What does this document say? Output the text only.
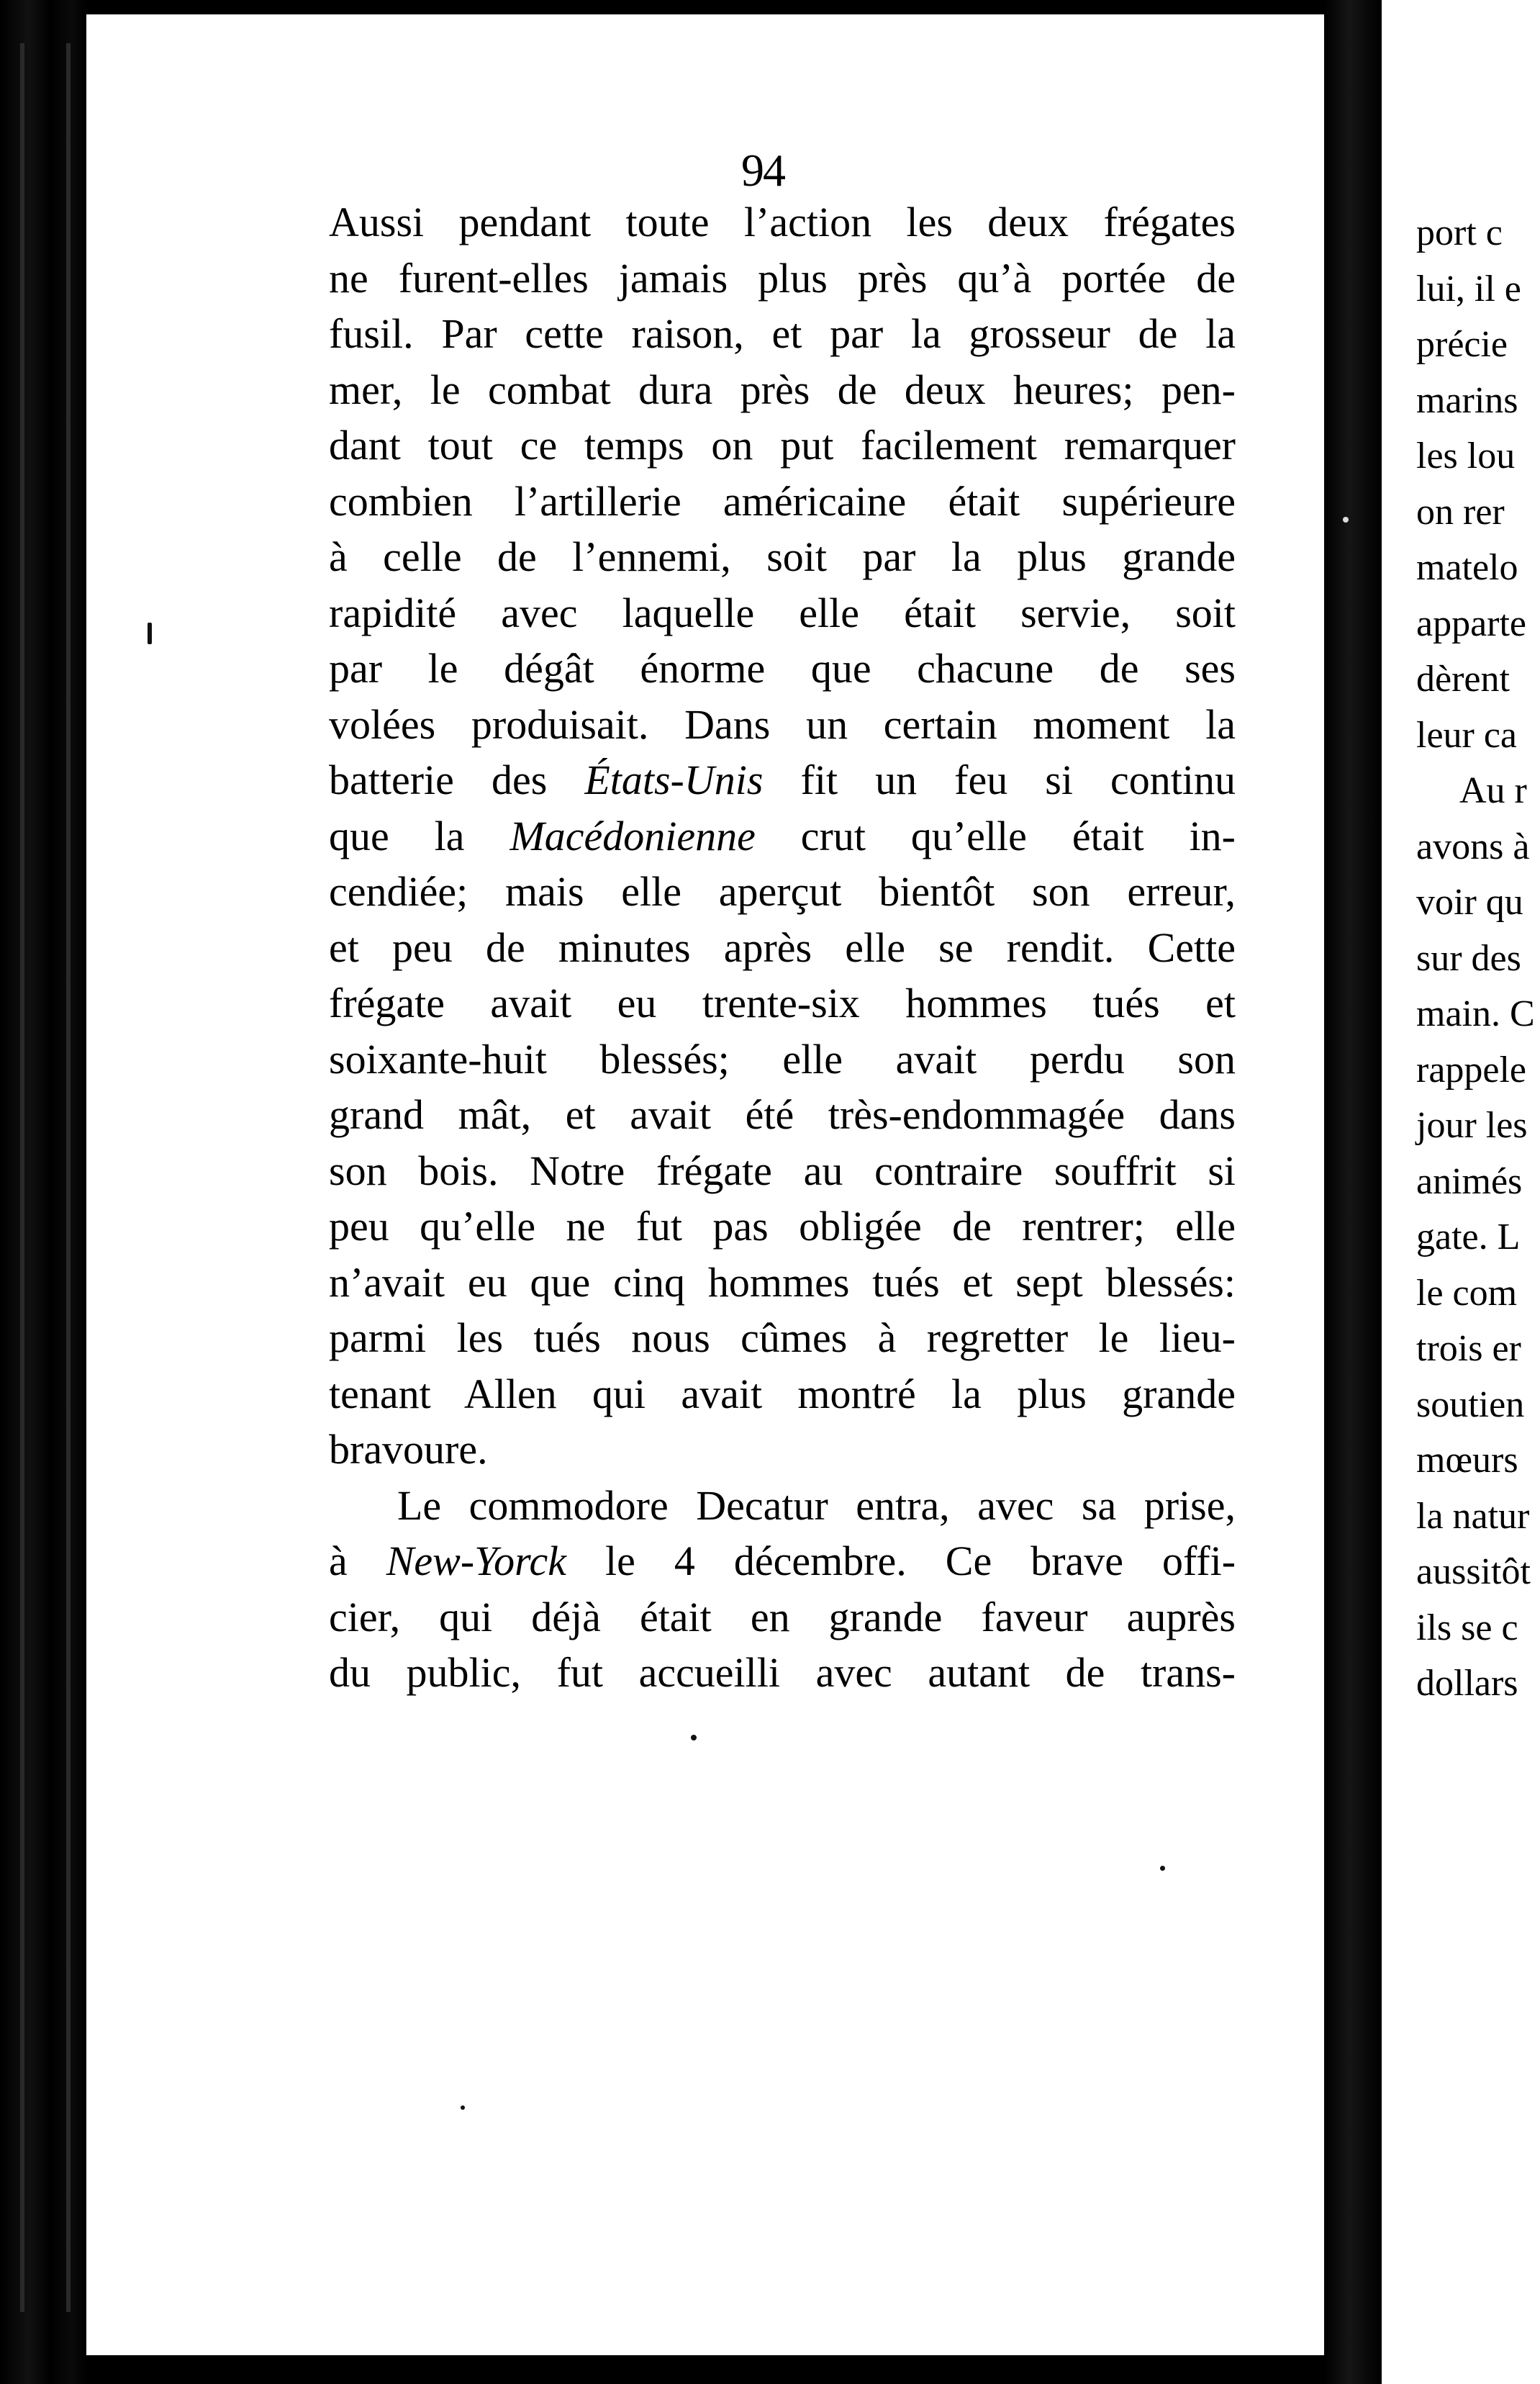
94
Aussi pendant toute l’action les deux frégates
ne furent-elles jamais plus près qu’à portée de
fusil. Par cette raison, et par la grosseur de la
mer, le combat dura près de deux heures; pen-
dant tout ce temps on put facilement remarquer
combien l’artillerie américaine était supérieure
à celle de l’ennemi, soit par la plus grande
rapidité avec laquelle elle était servie, soit
par le dégât énorme que chacune de ses
volées produisait. Dans un certain moment la
batterie des États-Unis fit un feu si continu
que la Macédonienne crut qu’elle était in-
cendiée; mais elle aperçut bientôt son erreur,
et peu de minutes après elle se rendit. Cette
frégate avait eu trente-six hommes tués et
soixante-huit blessés; elle avait perdu son
grand mât, et avait été très-endommagée dans
son bois. Notre frégate au contraire souffrit si
peu qu’elle ne fut pas obligée de rentrer; elle
n’avait eu que cinq hommes tués et sept blessés:
parmi les tués nous cûmes à regretter le lieu-
tenant Allen qui avait montré la plus grande
bravoure.
Le commodore Decatur entra, avec sa prise,
à New-Yorck le 4 décembre. Ce brave offi-
cier, qui déjà était en grande faveur auprès
du public, fut accueilli avec autant de trans-
port c
lui, il e
précie
marins
les lou
on rer
matelo
apparte
dèrent
leur ca
Au r
avons à
voir qu
sur des
main. C
rappele
jour les
animés
gate. L
le com
trois er
soutien
mœurs
la natur
aussitôt
ils se c
dollars
